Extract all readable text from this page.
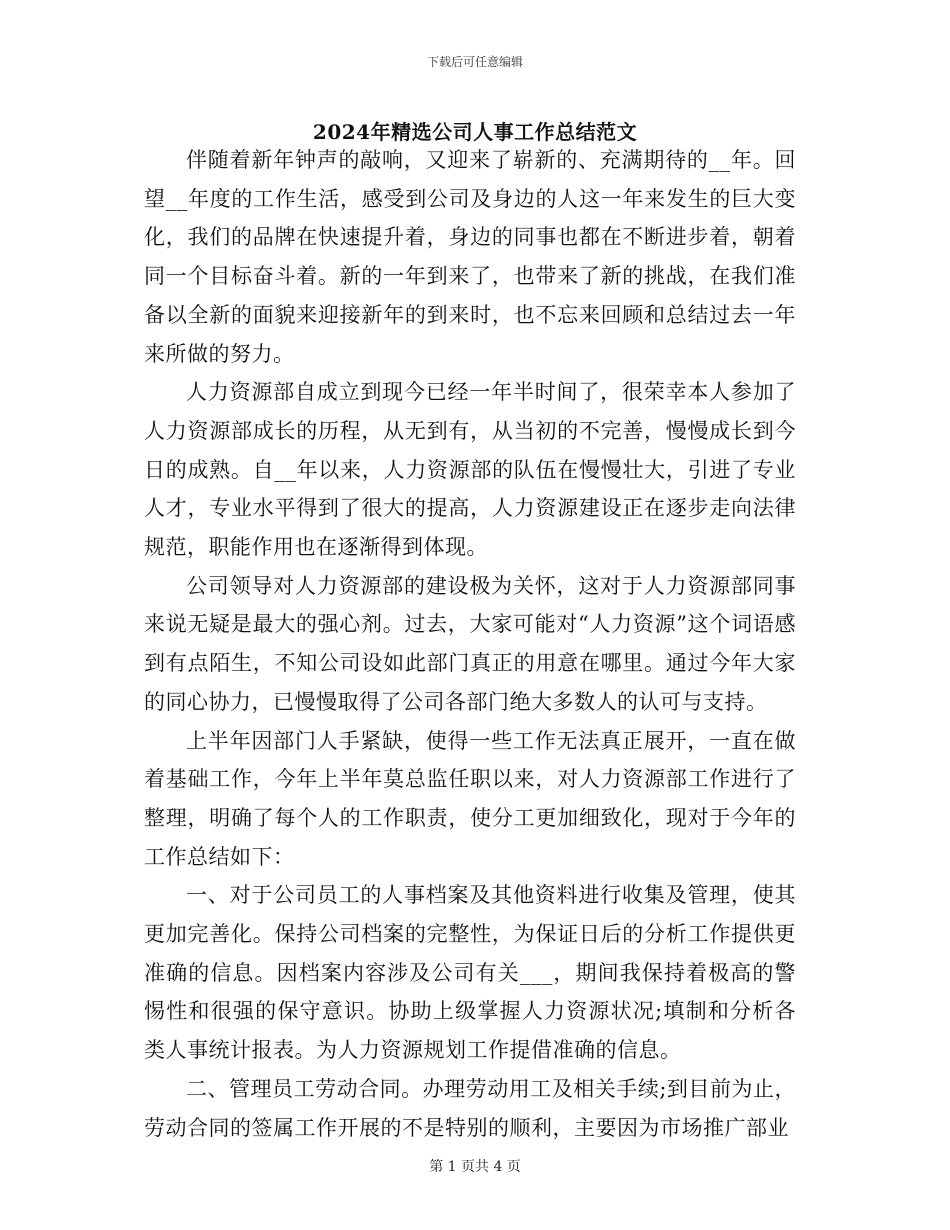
下载后可任意编辑
2024年精选公司人事工作总结范文

伴随着新年钟声的敲响，又迎来了崭新的、充满期待的__年。回望__年度的工作生活，感受到公司及身边的人这一年来发生的巨大变化，我们的品牌在快速提升着，身边的同事也都在不断进步着，朝着同一个目标奋斗着。新的一年到来了，也带来了新的挑战，在我们准备以全新的面貌来迎接新年的到来时，也不忘来回顾和总结过去一年来所做的努力。

人力资源部自成立到现今已经一年半时间了，很荣幸本人参加了人力资源部成长的历程，从无到有，从当初的不完善，慢慢成长到今日的成熟。自__年以来，人力资源部的队伍在慢慢壮大，引进了专业人才，专业水平得到了很大的提高，人力资源建设正在逐步走向法律规范，职能作用也在逐渐得到体现。

公司领导对人力资源部的建设极为关怀，这对于人力资源部同事来说无疑是最大的强心剂。过去，大家可能对“人力资源”这个词语感到有点陌生，不知公司设如此部门真正的用意在哪里。通过今年大家的同心协力，已慢慢取得了公司各部门绝大多数人的认可与支持。

上半年因部门人手紧缺，使得一些工作无法真正展开，一直在做着基础工作，今年上半年莫总监任职以来，对人力资源部工作进行了整理，明确了每个人的工作职责，使分工更加细致化，现对于今年的工作总结如下：

一、对于公司员工的人事档案及其他资料进行收集及管理，使其更加完善化。保持公司档案的完整性，为保证日后的分析工作提供更准确的信息。因档案内容涉及公司有关___，期间我保持着极高的警惕性和很强的保守意识。协助上级掌握人力资源状况;填制和分析各类人事统计报表。为人力资源规划工作提借准确的信息。

二、管理员工劳动合同。办理劳动用工及相关手续;到目前为止，劳动合同的签属工作开展的不是特别的顺利，主要因为市场推广部业

第 1 页共 4 页
